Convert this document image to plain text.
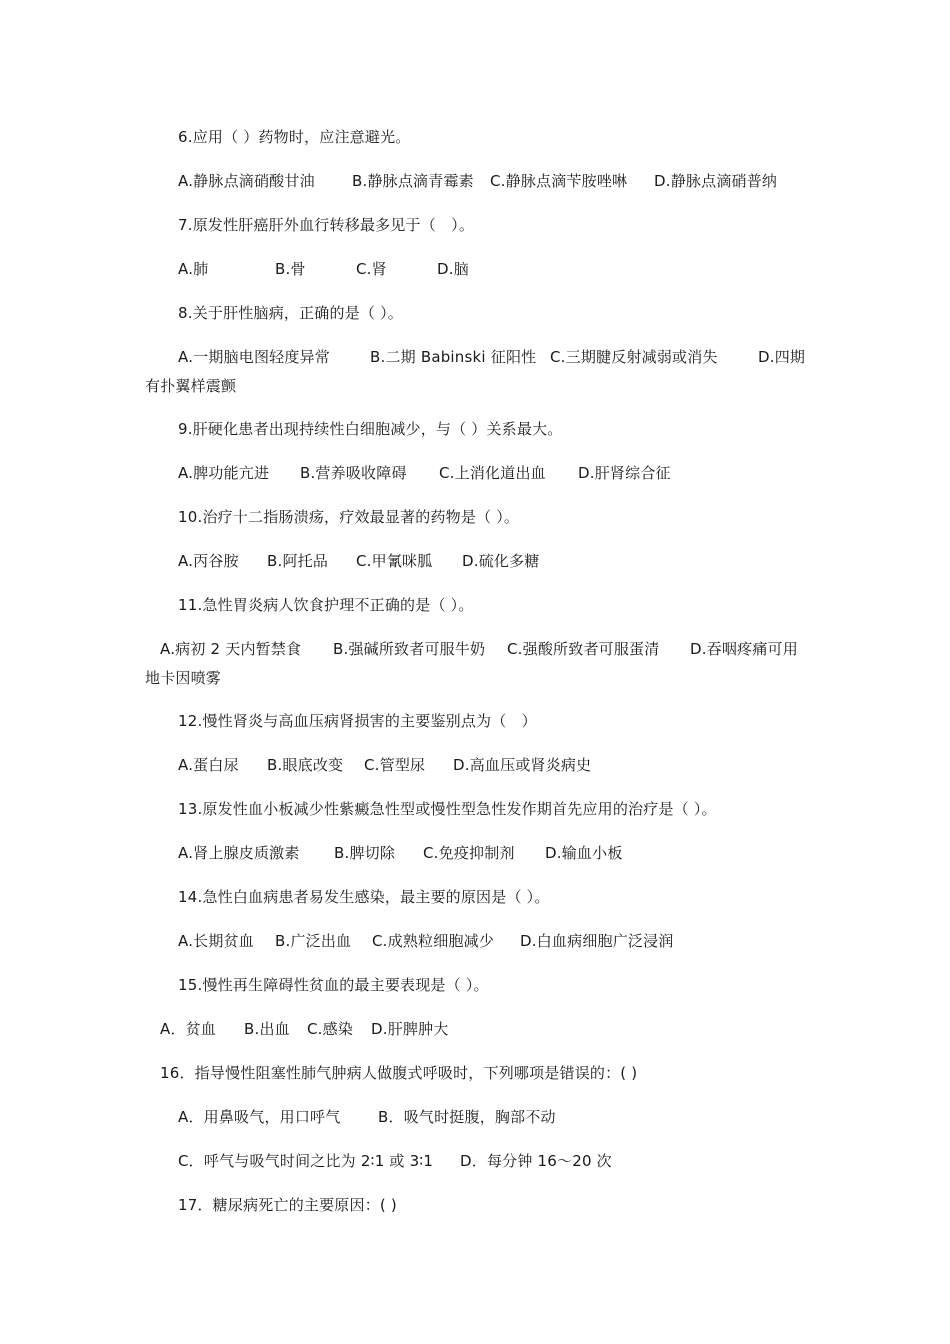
6.应用（ ）药物时，应注意避光。
A.静脉点滴硝酸甘油 B.静脉点滴青霉素 C.静脉点滴苄胺唑啉 D.静脉点滴硝普纳
7.原发性肝癌肝外血行转移最多见于（　）。
A.肺	B.骨	C.肾	D.脑
8.关于肝性脑病，正确的是（ ）。
A.一期脑电图轻度异常	B.二期 Babinski 征阳性 C.三期腱反射减弱或消失	D.四期
有扑翼样震颤
9.肝硬化患者出现持续性白细胞减少，与（ ）关系最大。
A.脾功能亢进 B.营养吸收障碍 C.上消化道出血 D.肝肾综合征
10.治疗十二指肠溃疡，疗效最显著的药物是（ ）。
A.丙谷胺 B.阿托品 C.甲氰咪胍 D.硫化多糖
11.急性胃炎病人饮食护理不正确的是（ ）。
A.病初 2 天内暂禁食 B.强碱所致者可服牛奶 C.强酸所致者可服蛋清 D.吞咽疼痛可用
地卡因喷雾
12.慢性肾炎与高血压病肾损害的主要鉴别点为（　）
A.蛋白尿 B.眼底改变 C.管型尿 D.高血压或肾炎病史
13.原发性血小板减少性紫癜急性型或慢性型急性发作期首先应用的治疗是（ ）。
A.肾上腺皮质激素 B.脾切除 C.免疫抑制剂 D.输血小板
14.急性白血病患者易发生感染，最主要的原因是（ ）。
A.长期贫血 B.广泛出血 C.成熟粒细胞减少 D.白血病细胞广泛浸润
15.慢性再生障碍性贫血的最主要表现是（ ）。
A．贫血 B.出血 C.感染 D.肝脾肿大
16．指导慢性阻塞性肺气肿病人做腹式呼吸时，下列哪项是错误的：( )
A．用鼻吸气，用口呼气	B．吸气时挺腹，胸部不动
C．呼气与吸气时间之比为 2∶1 或 3∶1 D．每分钟 16～20 次
17．糖尿病死亡的主要原因：( )
